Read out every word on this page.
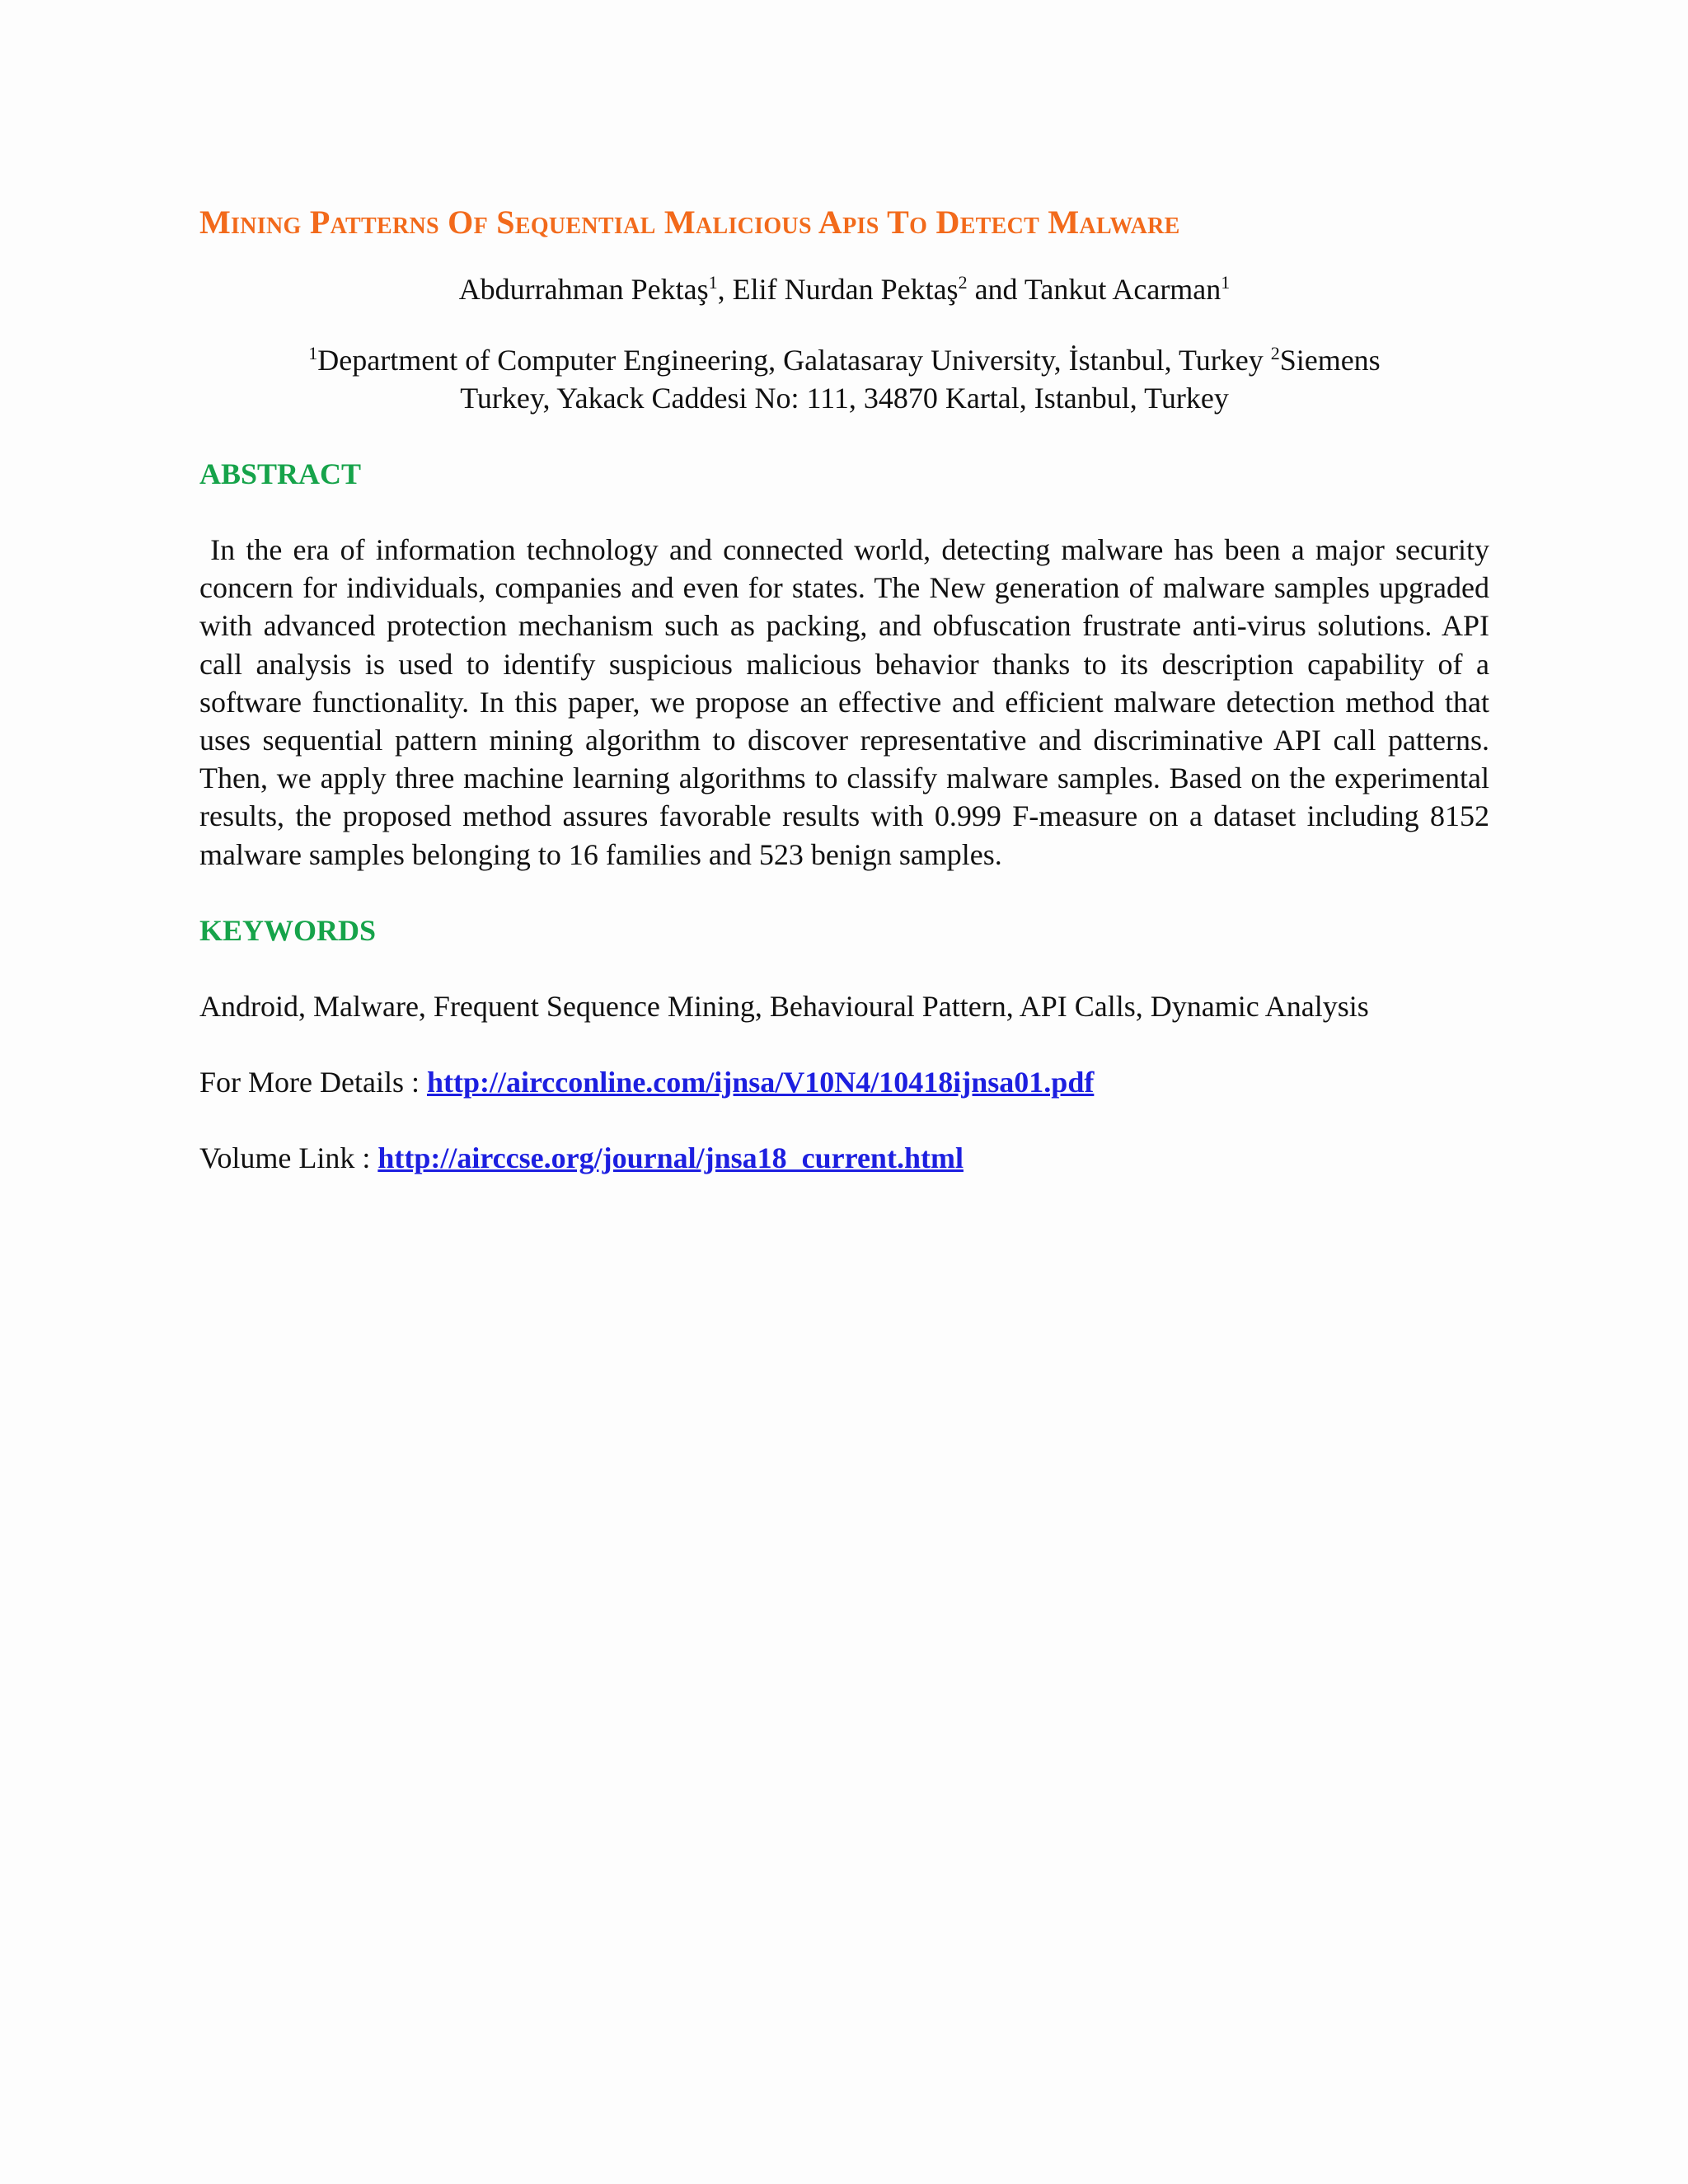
Mining Patterns Of Sequential Malicious Apis To Detect Malware

Abdurrahman Pektaş$^1$, Elif Nurdan Pektaş$^2$ and Tankut Acarman$^1$

$^1$Department of Computer Engineering, Galatasaray University, İstanbul, Turkey $^2$Siemens
Turkey, Yakack Caddesi No: 111, 34870 Kartal, Istanbul, Turkey

ABSTRACT

In the era of information technology and connected world, detecting malware has been a major security concern for individuals, companies and even for states. The New generation of malware samples upgraded with advanced protection mechanism such as packing, and obfuscation frustrate anti-virus solutions. API call analysis is used to identify suspicious malicious behavior thanks to its description capability of a software functionality. In this paper, we propose an effective and efficient malware detection method that uses sequential pattern mining algorithm to discover representative and discriminative API call patterns. Then, we apply three machine learning algorithms to classify malware samples. Based on the experimental results, the proposed method assures favorable results with 0.999 F-measure on a dataset including 8152 malware samples belonging to 16 families and 523 benign samples.

KEYWORDS

Android, Malware, Frequent Sequence Mining, Behavioural Pattern, API Calls, Dynamic Analysis

For More Details : http://aircconline.com/ijnsa/V10N4/10418ijnsa01.pdf

Volume Link : http://airccse.org/journal/jnsa18_current.html
